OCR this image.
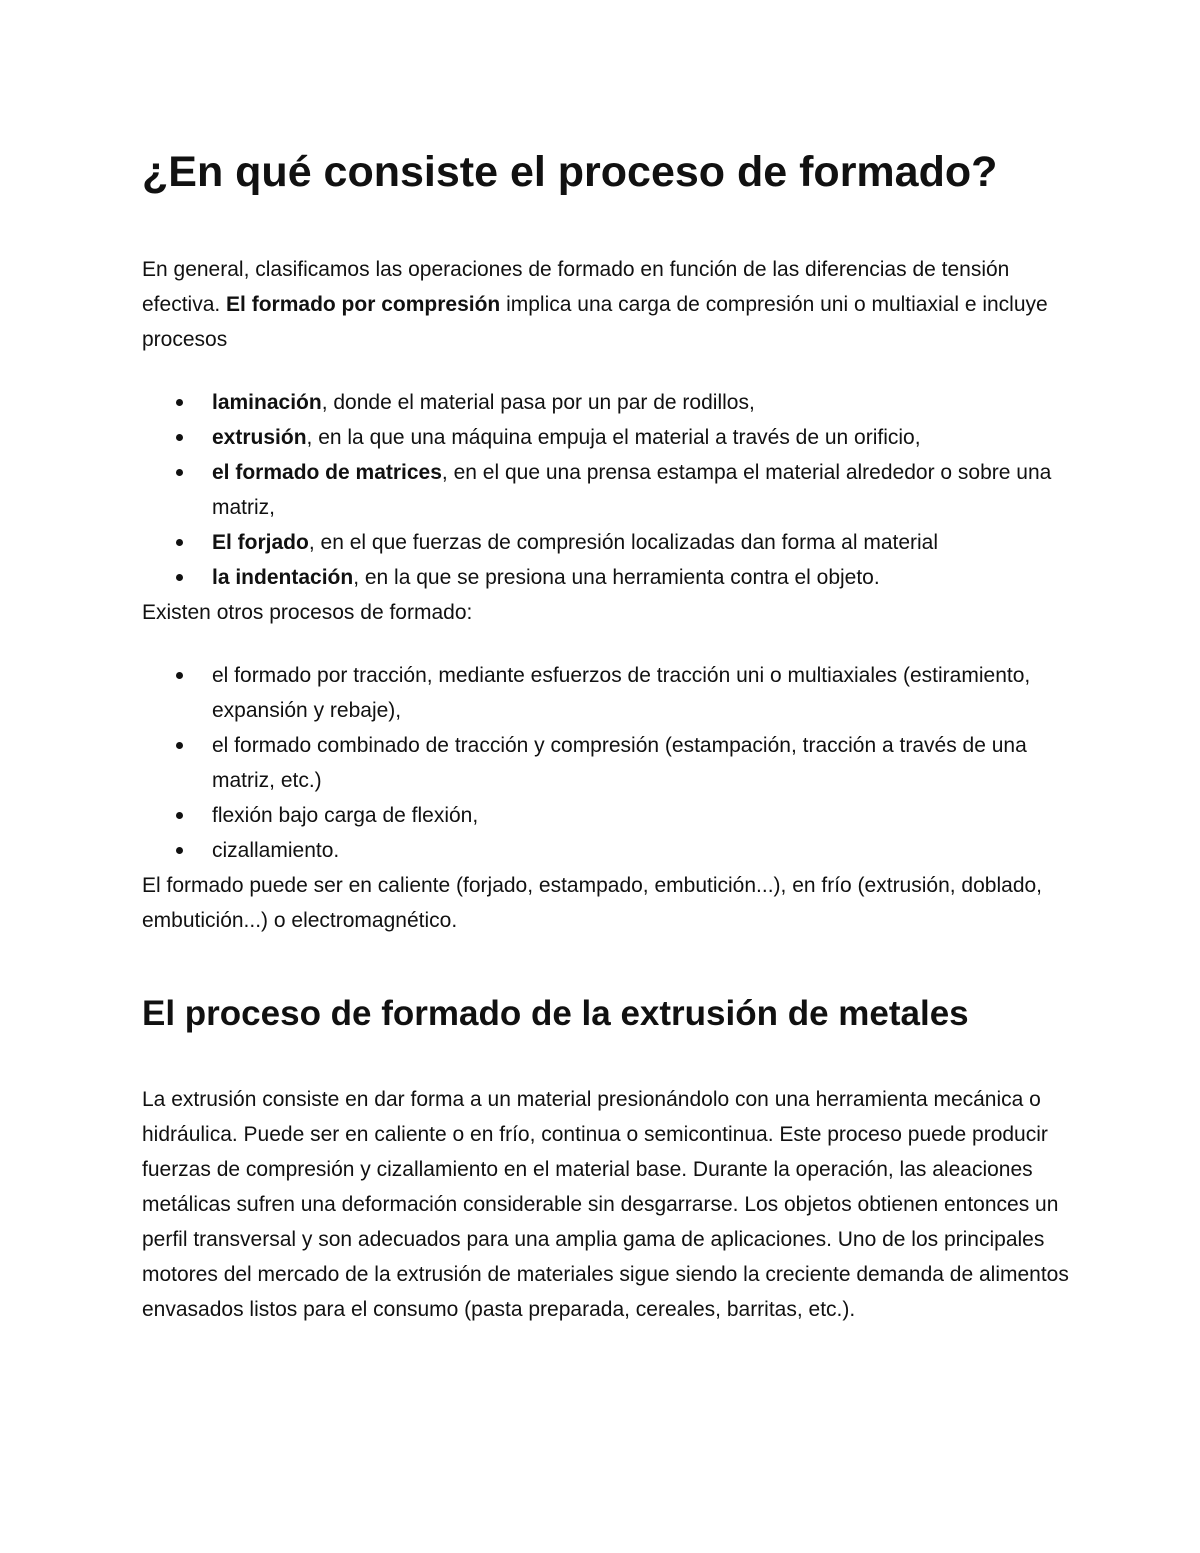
¿En qué consiste el proceso de formado?

En general, clasificamos las operaciones de formado en función de las diferencias de tensión efectiva. El formado por compresión implica una carga de compresión uni o multiaxial e incluye procesos

laminación, donde el material pasa por un par de rodillos,
extrusión, en la que una máquina empuja el material a través de un orificio,
el formado de matrices, en el que una prensa estampa el material alrededor o sobre una matriz,
El forjado, en el que fuerzas de compresión localizadas dan forma al material
la indentación, en la que se presiona una herramienta contra el objeto.

Existen otros procesos de formado:

el formado por tracción, mediante esfuerzos de tracción uni o multiaxiales (estiramiento, expansión y rebaje),
el formado combinado de tracción y compresión (estampación, tracción a través de una matriz, etc.)
flexión bajo carga de flexión,
cizallamiento.

El formado puede ser en caliente (forjado, estampado, embutición...), en frío (extrusión, doblado, embutición...) o electromagnético.

El proceso de formado de la extrusión de metales

La extrusión consiste en dar forma a un material presionándolo con una herramienta mecánica o hidráulica. Puede ser en caliente o en frío, continua o semicontinua. Este proceso puede producir fuerzas de compresión y cizallamiento en el material base. Durante la operación, las aleaciones metálicas sufren una deformación considerable sin desgarrarse. Los objetos obtienen entonces un perfil transversal y son adecuados para una amplia gama de aplicaciones. Uno de los principales motores del mercado de la extrusión de materiales sigue siendo la creciente demanda de alimentos envasados listos para el consumo (pasta preparada, cereales, barritas, etc.).
